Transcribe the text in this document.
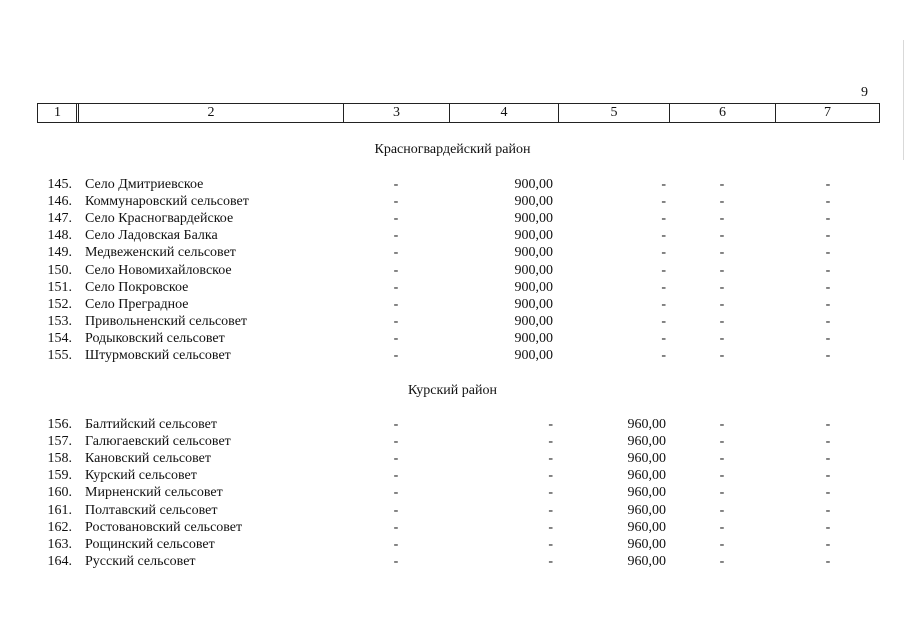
9
1	2	3	4	5	6	7
Красногвардейский район
145. Село Дмитриевское	-	900,00	-	-	-
146. Коммунаровский сельсовет	-	900,00	-	-	-
147. Село Красногвардейское	-	900,00	-	-	-
148. Село Ладовская Балка	-	900,00	-	-	-
149. Медвеженский сельсовет	-	900,00	-	-	-
150. Село Новомихайловское	-	900,00	-	-	-
151. Село Покровское	-	900,00	-	-	-
152. Село Преградное	-	900,00	-	-	-
153. Привольненский сельсовет	-	900,00	-	-	-
154. Родыковский сельсовет	-	900,00	-	-	-
155. Штурмовский сельсовет	-	900,00	-	-	-
Курский район
156. Балтийский сельсовет	-	-	960,00	-	-
157. Галюгаевский сельсовет	-	-	960,00	-	-
158. Кановский сельсовет	-	-	960,00	-	-
159. Курский сельсовет	-	-	960,00	-	-
160. Мирненский сельсовет	-	-	960,00	-	-
161. Полтавский сельсовет	-	-	960,00	-	-
162. Ростовановский сельсовет	-	-	960,00	-	-
163. Рощинский сельсовет	-	-	960,00	-	-
164. Русский сельсовет	-	-	960,00	-	-
